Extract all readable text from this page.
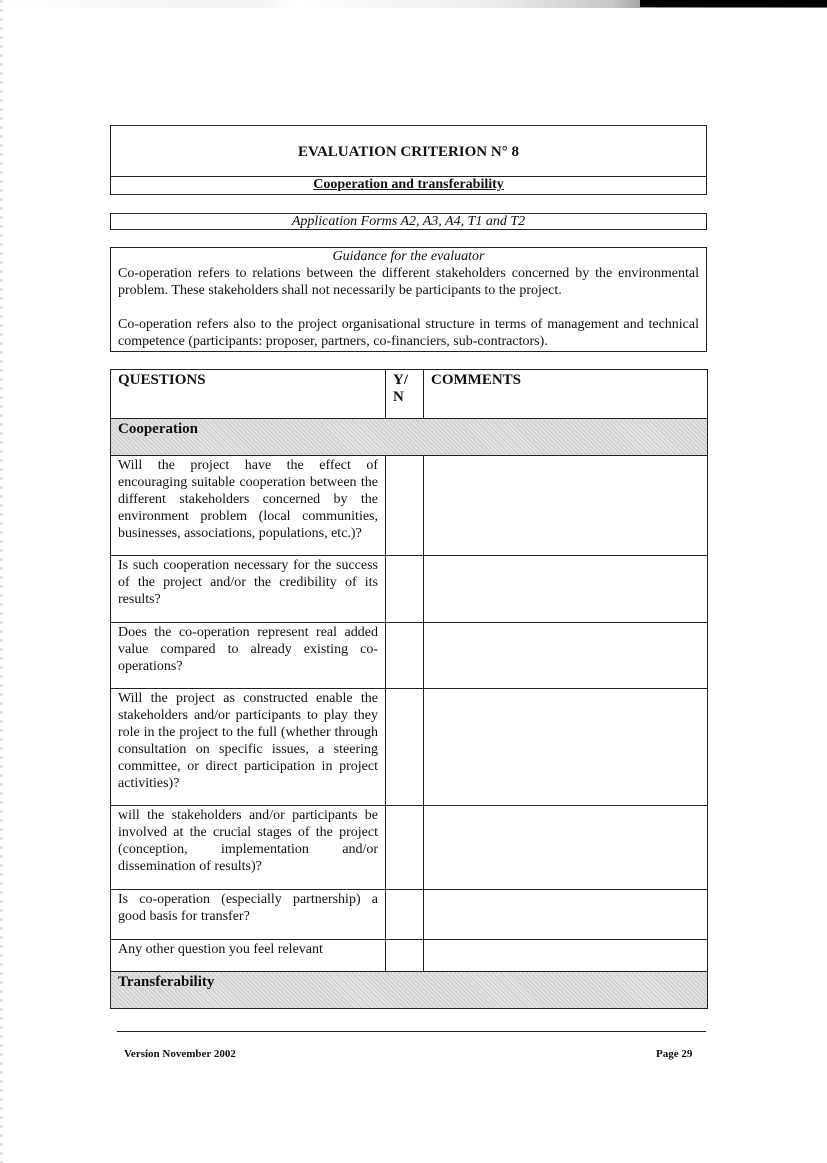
EVALUATION CRITERION N° 8
Cooperation and transferability
Application Forms A2, A3, A4, T1 and T2
Guidance for the evaluator

Co-operation refers to relations between the different stakeholders concerned by the environmental problem. These stakeholders shall not necessarily be participants to the project.

Co-operation refers also to the project organisational structure in terms of management and technical competence (participants: proposer, partners, co-financiers, sub-contractors).

QUESTIONS	Y/ N	COMMENTS
Cooperation		
Will the project have the effect of encouraging suitable cooperation between the different stakeholders concerned by the environment problem (local communities, businesses, associations, populations, etc.)?		
Is such cooperation necessary for the success of the project and/or the credibility of its results?		
Does the co-operation represent real added value compared to already existing co-operations?		
Will the project as constructed enable the stakeholders and/or participants to play they role in the project to the full (whether through consultation on specific issues, a steering committee, or direct participation in project activities)?		
will the stakeholders and/or participants be involved at the crucial stages of the project (conception, implementation and/or dissemination of results)?		
Is co-operation (especially partnership) a good basis for transfer?		
Any other question you feel relevant		
Transferability		
Version November 2002	Page 29
